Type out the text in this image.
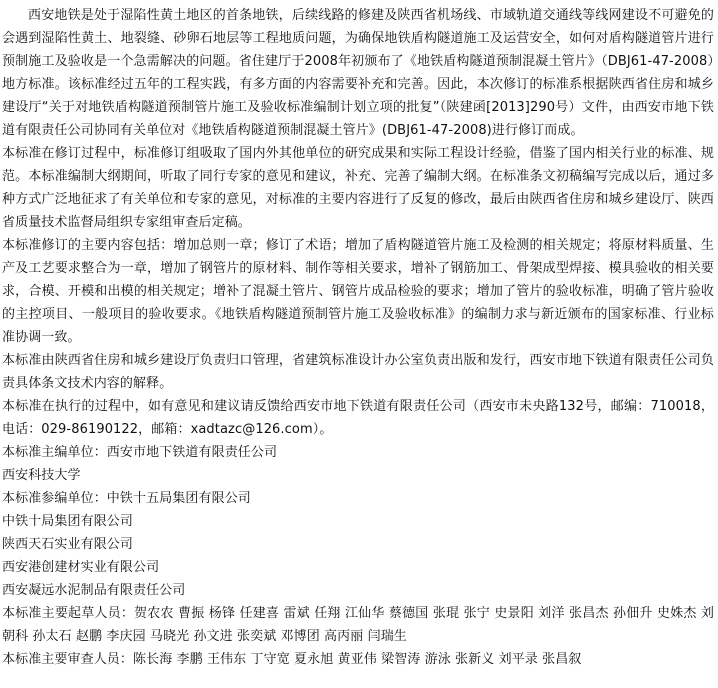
西安地铁是处于湿陷性黄土地区的首条地铁，后续线路的修建及陕西省机场线、市域轨道交通线等线网建设不可避免的会遇到湿陷性黄土、地裂缝、砂卵石地层等工程地质问题，为确保地铁盾构隧道施工及运营安全，如何对盾构隧道管片进行预制施工及验收是一个急需解决的问题。省住建厅于2008年初颁布了《地铁盾构隧道预制混凝土管片》（DBJ61-47-2008）地方标准。该标准经过五年的工程实践，有多方面的内容需要补充和完善。因此，本次修订的标准系根据陕西省住房和城乡建设厅“关于对地铁盾构隧道预制管片施工及验收标准编制计划立项的批复”（陕建函[2013]290号）文件，由西安市地下铁道有限责任公司协同有关单位对《地铁盾构隧道预制混凝土管片》(DBJ61-47-2008)进行修订而成。

本标准在修订过程中，标准修订组吸取了国内外其他单位的研究成果和实际工程设计经验，借鉴了国内相关行业的标准、规范。本标准编制大纲期间，听取了同行专家的意见和建议，补充、完善了编制大纲。在标准条文初稿编写完成以后，通过多种方式广泛地征求了有关单位和专家的意见，对标准的主要内容进行了反复的修改，最后由陕西省住房和城乡建设厅、陕西省质量技术监督局组织专家组审查后定稿。

本标准修订的主要内容包括：增加总则一章；修订了术语；增加了盾构隧道管片施工及检测的相关规定；将原材料质量、生产及工艺要求整合为一章，增加了钢管片的原材料、制作等相关要求，增补了钢筋加工、骨架成型焊接、模具验收的相关要求，合模、开模和出模的相关规定；增补了混凝土管片、钢管片成品检验的要求；增加了管片的验收标准，明确了管片验收的主控项目、一般项目的验收要求。《地铁盾构隧道预制管片施工及验收标准》的编制力求与新近颁布的国家标准、行业标准协调一致。

本标准由陕西省住房和城乡建设厅负责归口管理，省建筑标准设计办公室负责出版和发行，西安市地下铁道有限责任公司负责具体条文技术内容的解释。

本标准在执行的过程中，如有意见和建议请反馈给西安市地下铁道有限责任公司（西安市未央路132号，邮编：710018，电话：029-86190122，邮箱：xadtazc@126.com）。

本标准主编单位：西安市地下铁道有限责任公司
西安科技大学
本标准参编单位：中铁十五局集团有限公司
中铁十局集团有限公司
陕西天石实业有限公司
西安港创建材实业有限公司
西安凝远水泥制品有限责任公司

本标准主要起草人员：贺农农 曹振 杨锋 任建喜 雷斌 任翔 江仙华 蔡德国 张琨 张宁 史景阳 刘洋 张昌杰 孙佃升 史姝杰 刘朝科 孙太石 赵鹏 李庆园 马晓光 孙文进 张奕斌 邓博团 高丙丽 闫瑞生

本标准主要审查人员：陈长海 李鹏 王伟东 丁守宽 夏永旭 黄亚伟 梁智涛 游泳 张新义 刘平录 张昌叙
